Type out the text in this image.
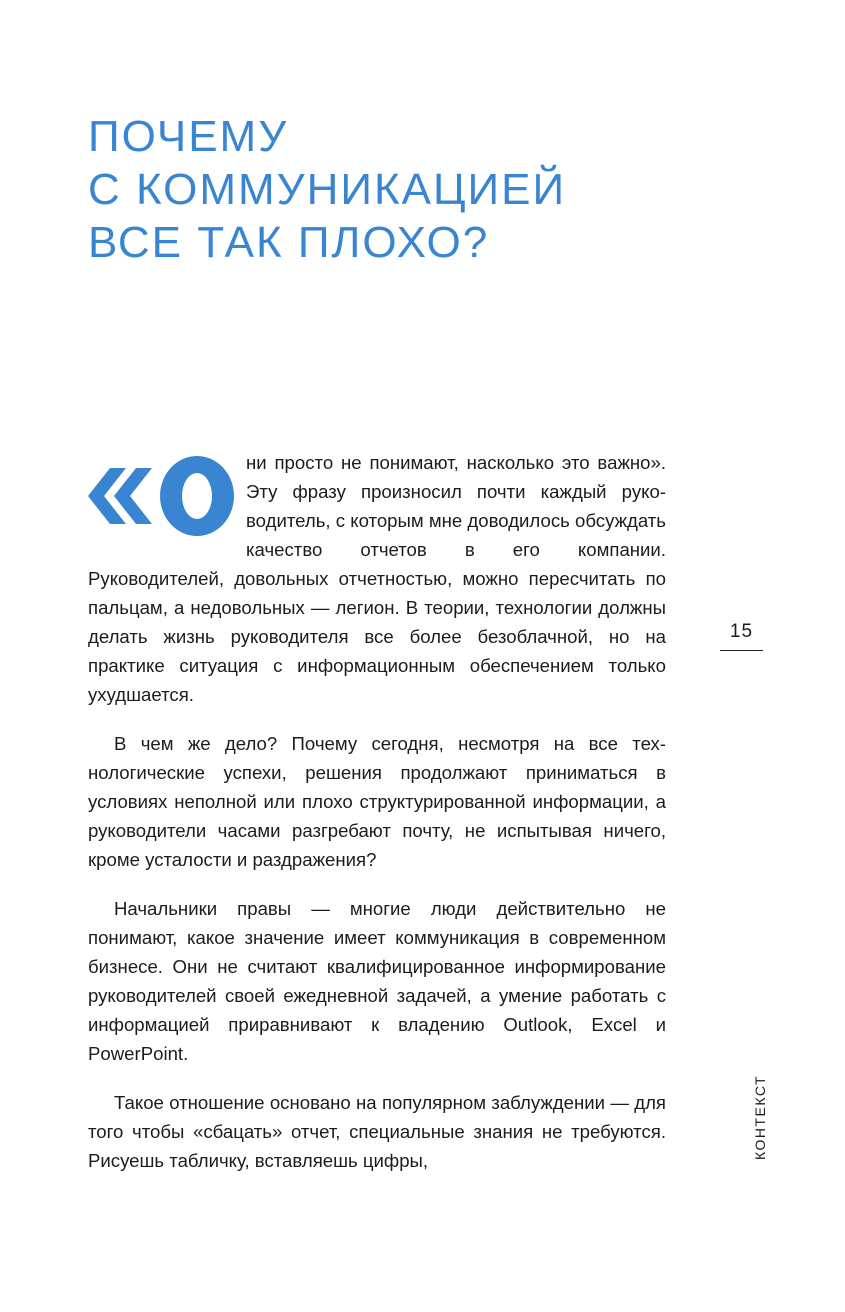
ПОЧЕМУ
С КОММУНИКАЦИЕЙ
ВСЕ ТАК ПЛОХО?

ни просто не понимают, насколько это важно». Эту фразу произносил почти каждый руководитель, с которым мне доводилось обсуждать качество отчетов в его компании. Руководителей, довольных отчетностью, можно пересчитать по пальцам, а недовольных — легион. В теории, технологии должны делать жизнь руководителя все более безоблачной, но на практике ситуация с информационным обеспечением только ухудшается.

В чем же дело? Почему сегодня, несмотря на все технологические успехи, решения продолжают приниматься в условиях неполной или плохо структурированной информации, а руководители часами разгребают почту, не испытывая ничего, кроме усталости и раздражения?

Начальники правы — многие люди действительно не понимают, какое значение имеет коммуникация в современном бизнесе. Они не считают квалифицированное информирование руководителей своей ежедневной задачей, а умение работать с информацией приравнивают к владению Outlook, Excel и PowerPoint.

Такое отношение основано на популярном заблуждении — для того чтобы «сбацать» отчет, специальные знания не требуются. Рисуешь табличку, вставляешь цифры,

15
КОНТЕКСТ
